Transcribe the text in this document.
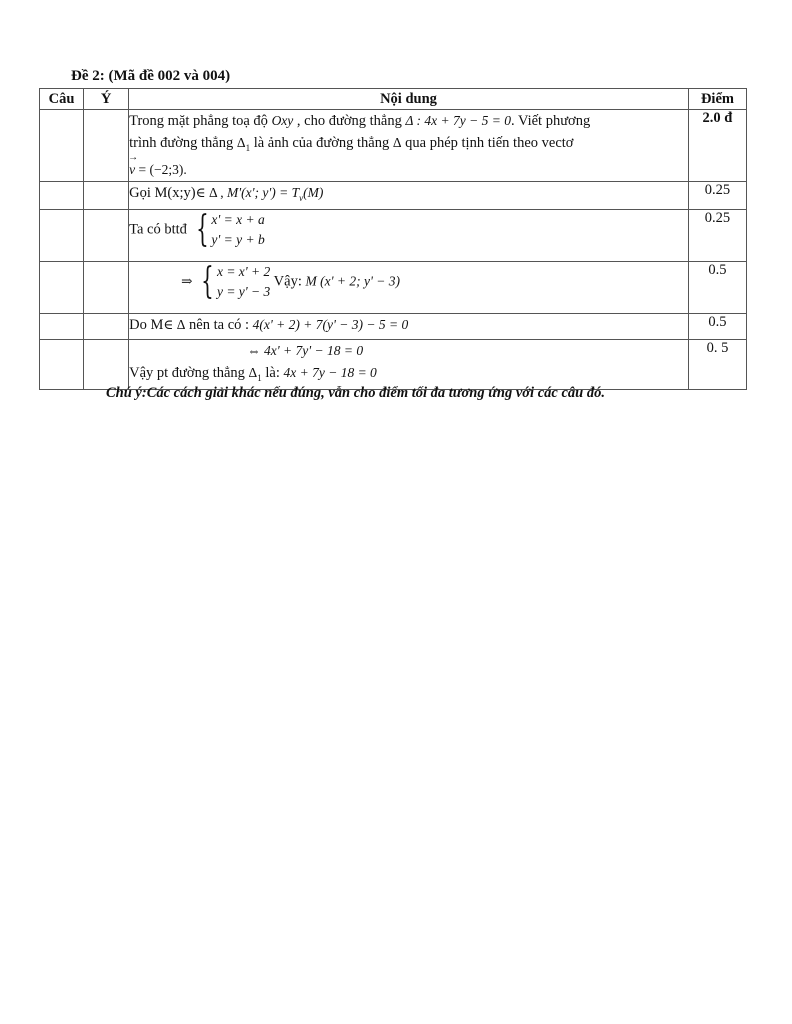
Đề 2: (Mã đề 002 và 004)
Câu	Ý	Nội dung	Điểm

		Trong mặt phẳng toạ độ Oxy , cho đường thẳng Δ : 4x + 7y − 5 = 0. Viết phương
trình đường thẳng $\Delta_1$ là ảnh của đường thẳng Δ qua phép tịnh tiến theo vectơ
→ v = (−2;3).	2.0 đ
		Gọi M(x;y)∈ Δ , M'(x'; $y') = T_v(M)$	0.25
		Ta có bttđ { x' = x + a
y' = y + b	0.25
		⇒ { x = x' + 2
y = y' − 3
Vậy: M (x' + 2; y' − 3)	0.5
		Do M∈ Δ nên ta có : 4(x' + 2) + 7(y' − 3) − 5 = 0	0.5

		⇔ 4x' + 7y' − 18 = 0
Vậy pt đường thẳng $\Delta_1$ là: 4x + 7y − 18 = 0	0. 5
Chú ý:Các cách giải khác nếu đúng, vẫn cho điểm tối đa tương ứng với các câu đó.
